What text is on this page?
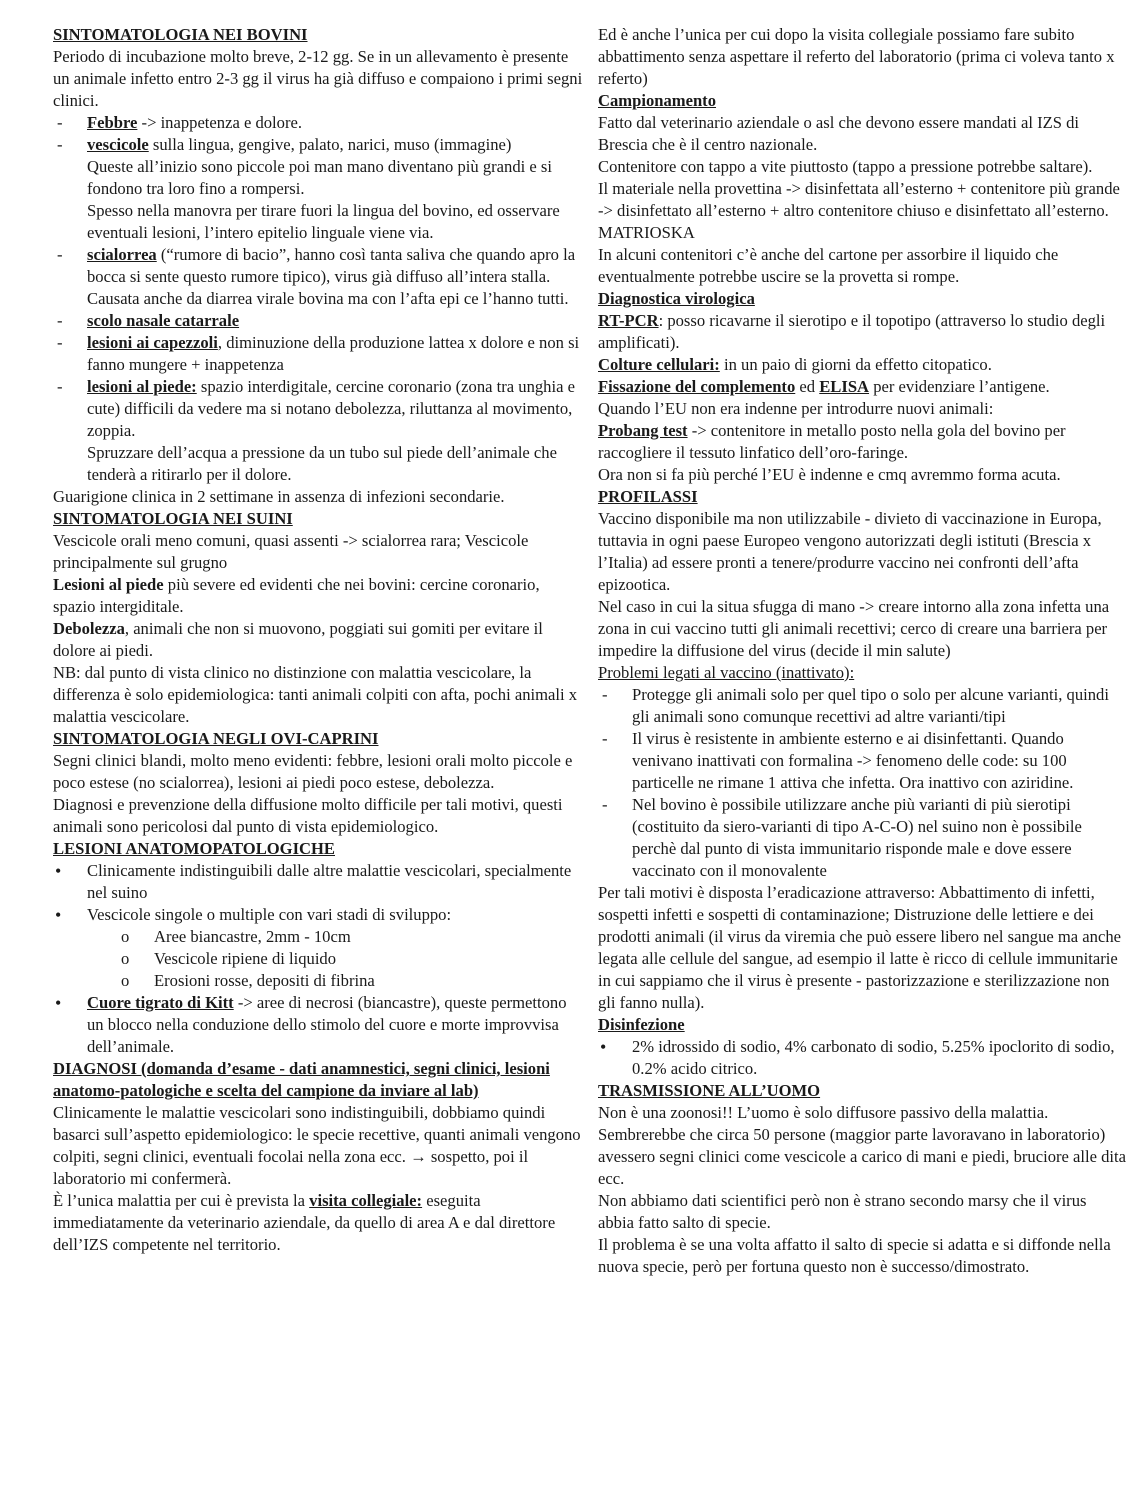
SINTOMATOLOGIA NEI BOVINI

Periodo di incubazione molto breve, 2-12 gg. Se in un allevamento è presente un animale infetto entro 2-3 gg il virus ha già diffuso e compaiono i primi segni clinici.

- Febbre -> inappetenza e dolore.

- vescicole sulla lingua, gengive, palato, narici, muso (immagine)

Queste all’inizio sono piccole poi man mano diventano più grandi e si fondono tra loro fino a rompersi.

Spesso nella manovra per tirare fuori la lingua del bovino, ed osservare eventuali lesioni, l’intero epitelio linguale viene via.

- scialorrea (“rumore di bacio”, hanno così tanta saliva che quando apro la bocca si sente questo rumore tipico), virus già diffuso all’intera stalla. Causata anche da diarrea virale bovina ma con l’afta epi ce l’hanno tutti.

- scolo nasale catarrale

- lesioni ai capezzoli, diminuzione della produzione lattea x dolore e non si fanno mungere + inappetenza

- lesioni al piede: spazio interdigitale, cercine coronario (zona tra unghia e cute) difficili da vedere ma si notano debolezza, riluttanza al movimento, zoppia.

Spruzzare dell’acqua a pressione da un tubo sul piede dell’animale che tenderà a ritirarlo per il dolore.

Guarigione clinica in 2 settimane in assenza di infezioni secondarie.

SINTOMATOLOGIA NEI SUINI

Vescicole orali meno comuni, quasi assenti -> scialorrea rara; Vescicole principalmente sul grugno

Lesioni al piede più severe ed evidenti che nei bovini: cercine coronario, spazio intergiditale.

Debolezza, animali che non si muovono, poggiati sui gomiti per evitare il dolore ai piedi.

NB: dal punto di vista clinico no distinzione con malattia vescicolare, la differenza è solo epidemiologica: tanti animali colpiti con afta, pochi animali x malattia vescicolare.

SINTOMATOLOGIA NEGLI OVI-CAPRINI

Segni clinici blandi, molto meno evidenti: febbre, lesioni orali molto piccole e poco estese (no scialorrea), lesioni ai piedi poco estese, debolezza.

Diagnosi e prevenzione della diffusione molto difficile per tali motivi, questi animali sono pericolosi dal punto di vista epidemiologico.

LESIONI ANATOMOPATOLOGICHE

• Clinicamente indistinguibili dalle altre malattie vescicolari, specialmente nel suino

• Vescicole singole o multiple con vari stadi di sviluppo:

o Aree biancastre, 2mm - 10cm

o Vescicole ripiene di liquido

o Erosioni rosse, depositi di fibrina

• Cuore tigrato di Kitt -> aree di necrosi (biancastre), queste permettono un blocco nella conduzione dello stimolo del cuore e morte improvvisa dell’animale.

DIAGNOSI (domanda d’esame - dati anamnestici, segni clinici, lesioni anatomo-patologiche e scelta del campione da inviare al lab)

Clinicamente le malattie vescicolari sono indistinguibili, dobbiamo quindi basarci sull’aspetto epidemiologico: le specie recettive, quanti animali vengono colpiti, segni clinici, eventuali focolai nella zona ecc. → sospetto, poi il laboratorio mi confermerà.

È l’unica malattia per cui è prevista la visita collegiale: eseguita immediatamente da veterinario aziendale, da quello di area A e dal direttore dell’IZS competente nel territorio.

Ed è anche l’unica per cui dopo la visita collegiale possiamo fare subito abbattimento senza aspettare il referto del laboratorio (prima ci voleva tanto x referto)

Campionamento

Fatto dal veterinario aziendale o asl che devono essere mandati al IZS di Brescia che è il centro nazionale.

Contenitore con tappo a vite piuttosto (tappo a pressione potrebbe saltare).

Il materiale nella provettina -> disinfettata all’esterno + contenitore più grande -> disinfettato all’esterno + altro contenitore chiuso e disinfettato all’esterno. MATRIOSKA

In alcuni contenitori c’è anche del cartone per assorbire il liquido che eventualmente potrebbe uscire se la provetta si rompe.

Diagnostica virologica

RT-PCR: posso ricavarne il sierotipo e il topotipo (attraverso lo studio degli amplificati).

Colture cellulari: in un paio di giorni da effetto citopatico.

Fissazione del complemento ed ELISA per evidenziare l’antigene.

Quando l’EU non era indenne per introdurre nuovi animali:

Probang test -> contenitore in metallo posto nella gola del bovino per raccogliere il tessuto linfatico dell’oro-faringe.

Ora non si fa più perché l’EU è indenne e cmq avremmo forma acuta.

PROFILASSI

Vaccino disponibile ma non utilizzabile - divieto di vaccinazione in Europa, tuttavia in ogni paese Europeo vengono autorizzati degli istituti (Brescia x l’Italia) ad essere pronti a tenere/produrre vaccino nei confronti dell’afta epizootica.

Nel caso in cui la situa sfugga di mano -> creare intorno alla zona infetta una zona in cui vaccino tutti gli animali recettivi; cerco di creare una barriera per impedire la diffusione del virus (decide il min salute)

Problemi legati al vaccino (inattivato):

- Protegge gli animali solo per quel tipo o solo per alcune varianti, quindi gli animali sono comunque recettivi ad altre varianti/tipi

- Il virus è resistente in ambiente esterno e ai disinfettanti. Quando venivano inattivati con formalina -> fenomeno delle code: su 100 particelle ne rimane 1 attiva che infetta. Ora inattivo con aziridine.

- Nel bovino è possibile utilizzare anche più varianti di più sierotipi (costituito da siero-varianti di tipo A-C-O) nel suino non è possibile perchè dal punto di vista immunitario risponde male e dove essere vaccinato con il monovalente

Per tali motivi è disposta l’eradicazione attraverso: Abbattimento di infetti, sospetti infetti e sospetti di contaminazione; Distruzione delle lettiere e dei prodotti animali (il virus da viremia che può essere libero nel sangue ma anche legata alle cellule del sangue, ad esempio il latte è ricco di cellule immunitarie in cui sappiamo che il virus è presente - pastorizzazione e sterilizzazione non gli fanno nulla).

Disinfezione

• 2% idrossido di sodio, 4% carbonato di sodio, 5.25% ipoclorito di sodio, 0.2% acido citrico.

TRASMISSIONE ALL’UOMO

Non è una zoonosi!! L’uomo è solo diffusore passivo della malattia.

Sembrerebbe che circa 50 persone (maggior parte lavoravano in laboratorio) avessero segni clinici come vescicole a carico di mani e piedi, bruciore alle dita ecc.

Non abbiamo dati scientifici però non è strano secondo marsy che il virus abbia fatto salto di specie.

Il problema è se una volta affatto il salto di specie si adatta e si diffonde nella nuova specie, però per fortuna questo non è successo/dimostrato.
